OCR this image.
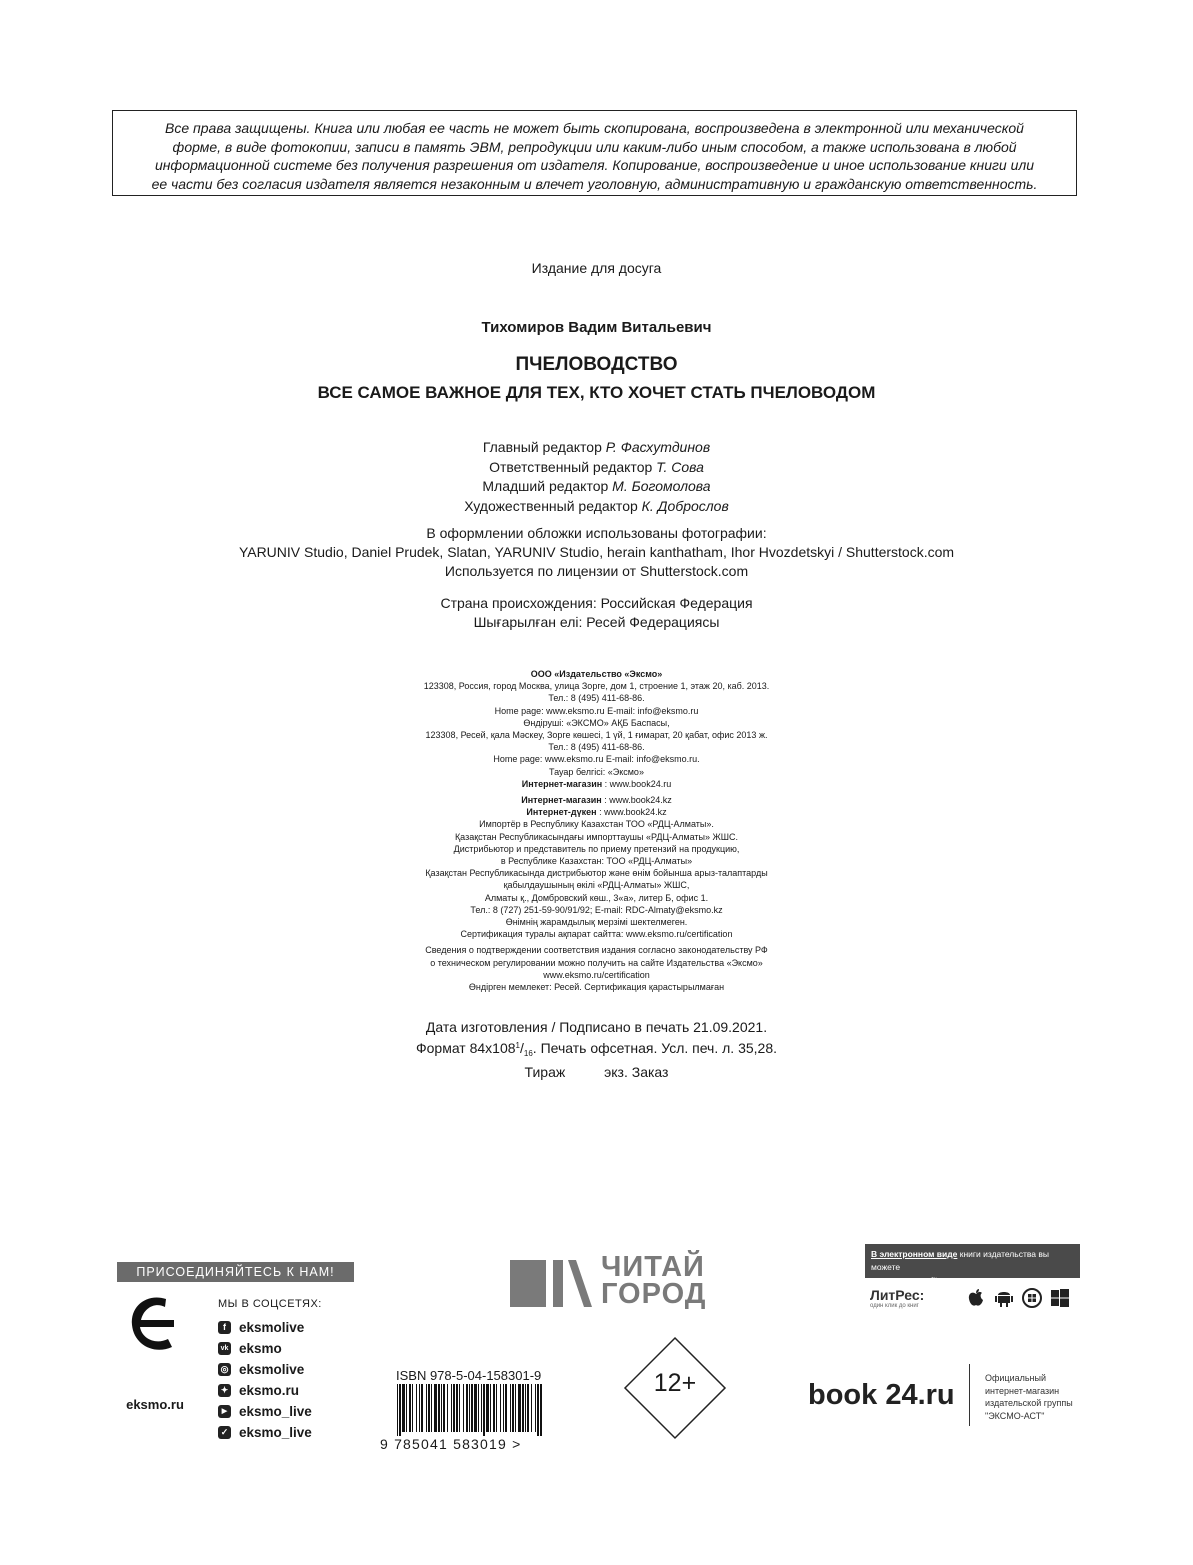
Все права защищены. Книга или любая ее часть не может быть скопирована, воспроизведена в электронной или механической
форме, в виде фотокопии, записи в память ЭВМ, репродукции или каким-либо иным способом, а также использована в любой
информационной системе без получения разрешения от издателя. Копирование, воспроизведение и иное использование книги или
ее части без согласия издателя является незаконным и влечет уголовную, административную и гражданскую ответственность.
Издание для досуга
Тихомиров Вадим Витальевич
ПЧЕЛОВОДСТВО
ВСЕ САМОЕ ВАЖНОЕ ДЛЯ ТЕХ, КТО ХОЧЕТ СТАТЬ ПЧЕЛОВОДОМ
Главный редактор Р. Фасхутдинов
Ответственный редактор Т. Сова
Младший редактор М. Богомолова
Художественный редактор К. Доброслов
В оформлении обложки использованы фотографии:
YARUNIV Studio, Daniel Prudek, Slatan, YARUNIV Studio, herain kanthatham, Ihor Hvozdetskyi / Shutterstock.com
Используется по лицензии от Shutterstock.com
Страна происхождения: Российская Федерация
Шығарылған елі: Ресей Федерациясы
ООО «Издательство «Эксмо»
123308, Россия, город Москва, улица Зорге, дом 1, строение 1, этаж 20, каб. 2013.
Тел.: 8 (495) 411-68-86.
Home page: www.eksmo.ru E-mail: info@eksmo.ru
Өндіруші: «ЭКСМО» АҚБ Баспасы,
123308, Ресей, қала Мәскеу, Зорге көшесі, 1 үй, 1 ғимарат, 20 қабат, офис 2013 ж.
Тел.: 8 (495) 411-68-86.
Home page: www.eksmo.ru E-mail: info@eksmo.ru.
Тауар белгісі: «Эксмо»
Интернет-магазин : www.book24.ru
Интернет-магазин : www.book24.kz
Интернет-дүкен : www.book24.kz
Импортёр в Республику Казахстан ТОО «РДЦ-Алматы».
Қазақстан Республикасындағы импорттаушы «РДЦ-Алматы» ЖШС.
Дистрибьютор и представитель по приему претензий на продукцию,
в Республике Казахстан: ТОО «РДЦ-Алматы»
Қазақстан Республикасында дистрибьютор және өнім бойынша арыз-талаптарды
қабылдаушының өкілі «РДЦ-Алматы» ЖШС,
Алматы қ., Домбровский көш., 3«а», литер Б, офис 1.
Тел.: 8 (727) 251-59-90/91/92; E-mail: RDC-Almaty@eksmo.kz
Өнімнің жарамдылық мерзімі шектелмеген.
Сертификация туралы ақпарат сайтта: www.eksmo.ru/certification
Сведения о подтверждении соответствия издания согласно законодательству РФ
о техническом регулировании можно получить на сайте Издательства «Эксмо»
www.eksmo.ru/certification
Өндірген мемлекет: Ресей. Сертификация қарастырылмаған
Дата изготовления / Подписано в печать 21.09.2021.
Формат $84x108^1/_{16}$. Печать офсетная. Усл. печ. л. 35,28.
Тираж          экз. Заказ
ПРИСОЕДИНЯЙТЕСЬ К НАМ!
eksmo.ru
МЫ В СОЦСЕТЯХ:
f eksmolive
vk eksmo
◎ eksmolive
✦ eksmo.ru
▶ eksmo_live
✓ eksmo_live
ЧИТАЙ
ГОРОД
В электронном виде книги издательства вы можете
купить на www.litres.ru
ЛитРес:
один клик до книг
ISBN 978-5-04-158301-9
9 785041 583019 >
12+	book 24.ru
Официальный
интернет-магазин
издательской группы
"ЭКСМО-АСТ"
